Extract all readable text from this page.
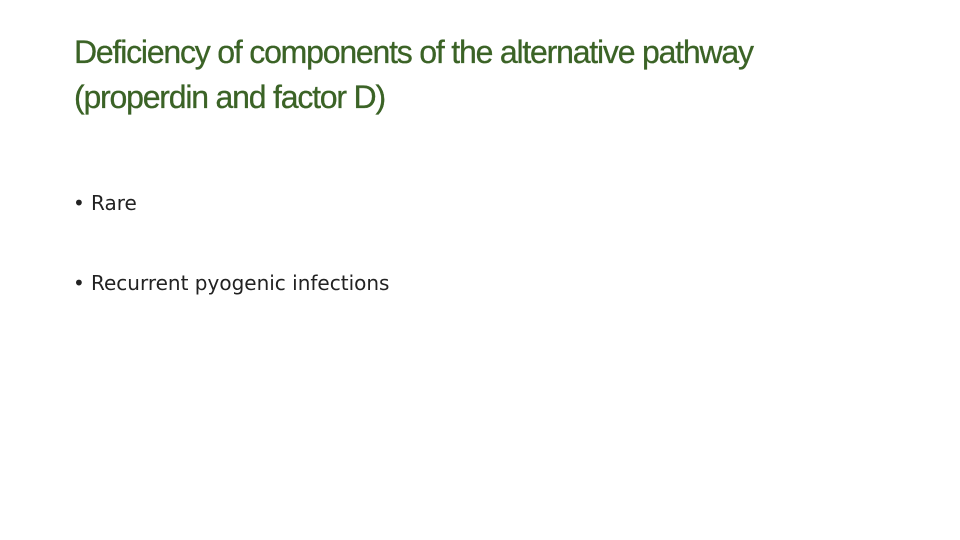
Deficiency of components of the alternative pathway (properdin and factor D)
• Rare
• Recurrent pyogenic infections
